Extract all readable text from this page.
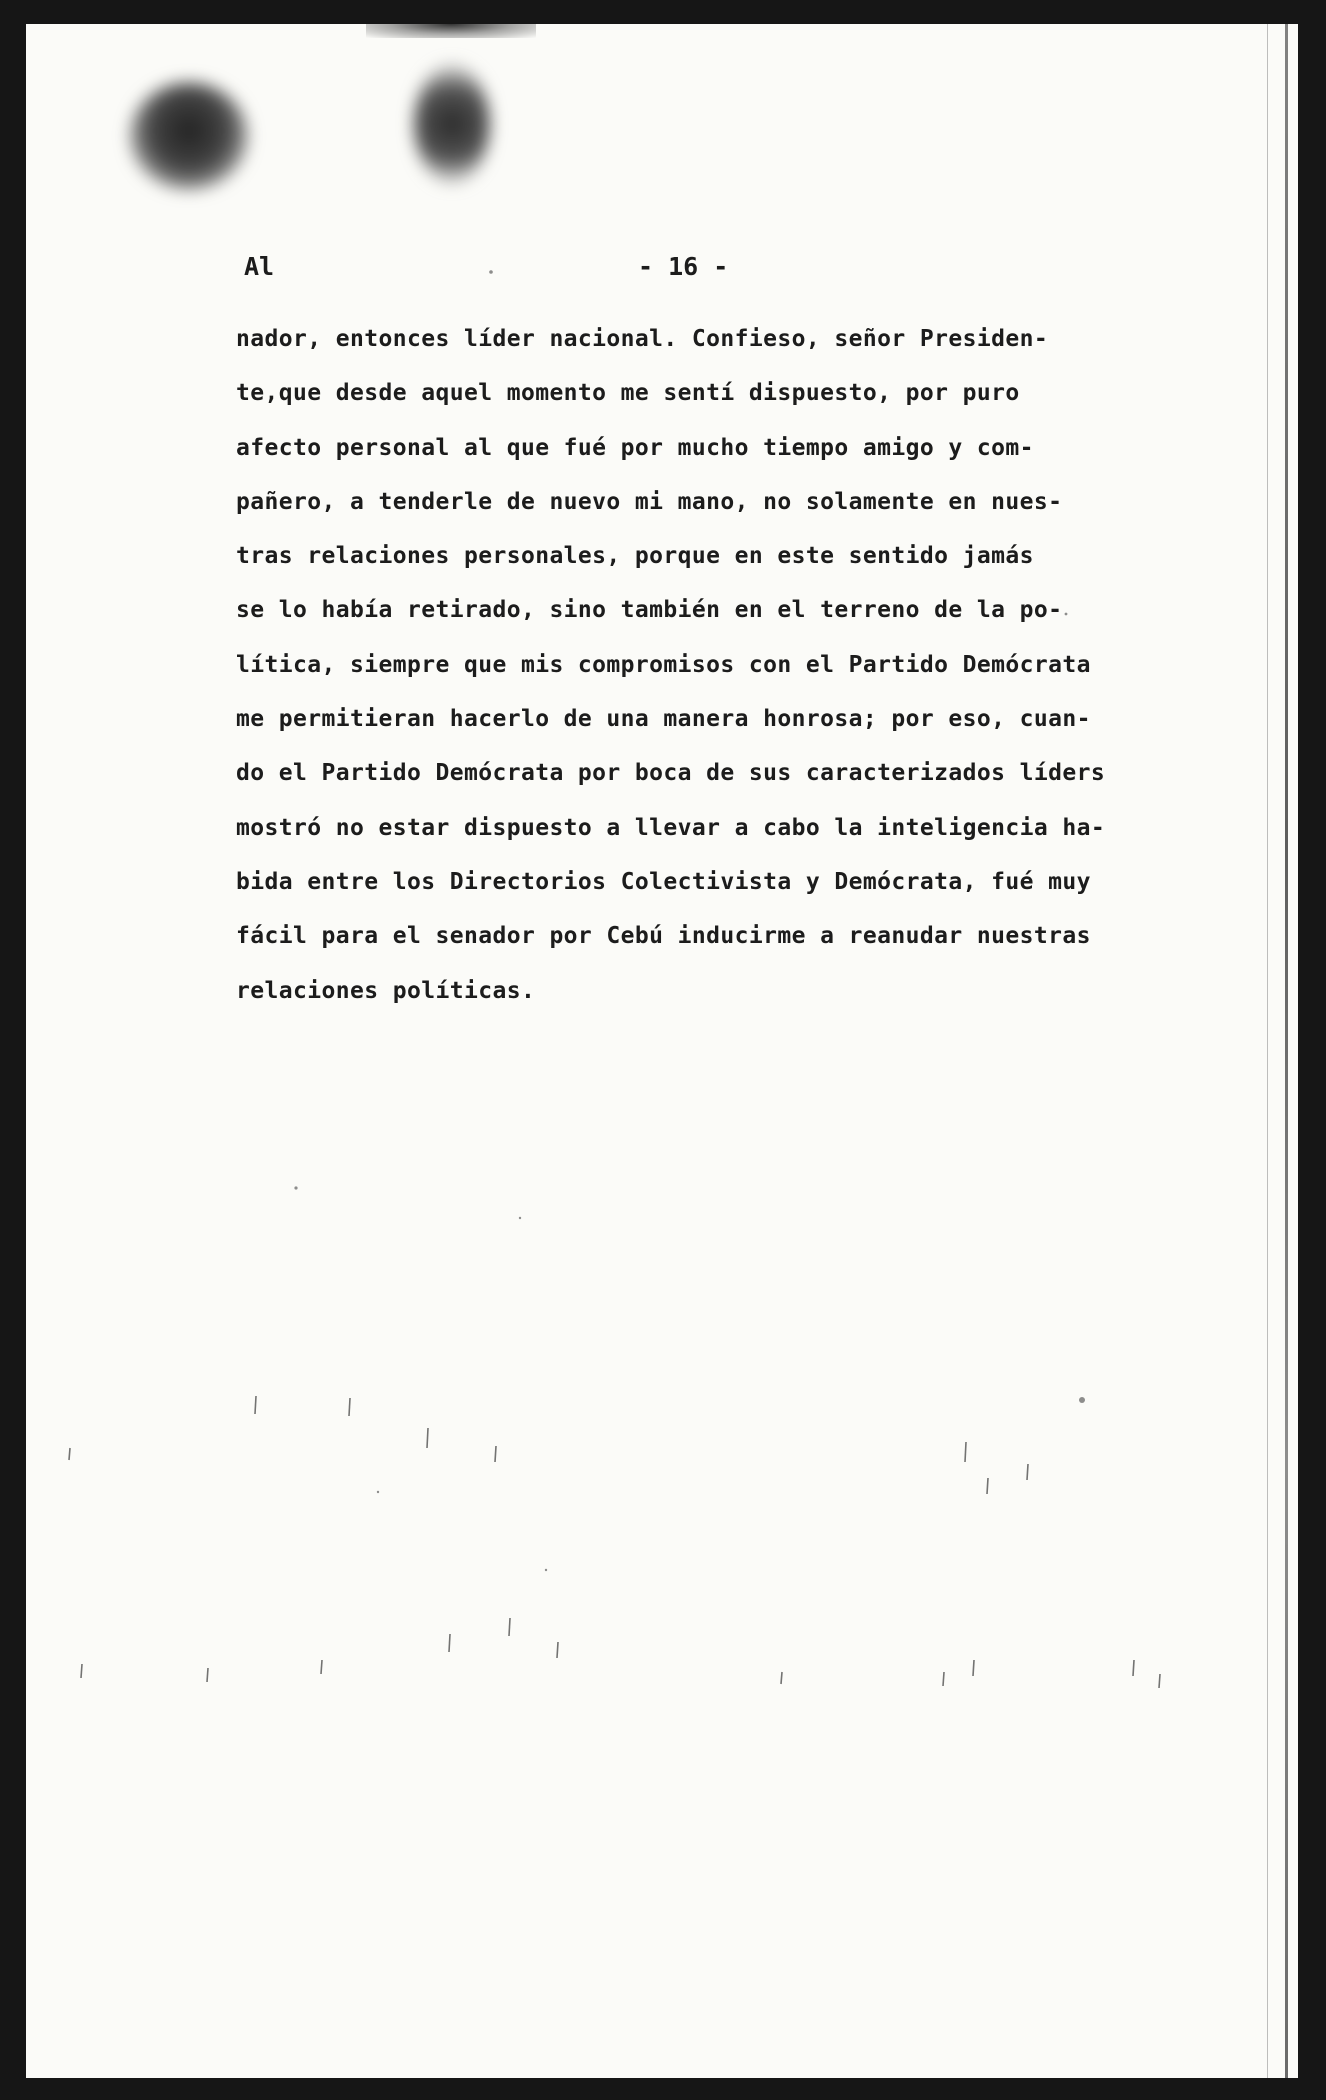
Al	- 16 -
nador, entonces líder nacional. Confieso, señor Presiden-
te,que desde aquel momento me sentí dispuesto, por puro
afecto personal al que fué por mucho tiempo amigo y com-
pañero, a tenderle de nuevo mi mano, no solamente en nues-
tras relaciones personales, porque en este sentido jamás
se lo había retirado, sino también en el terreno de la po-
lítica, siempre que mis compromisos con el Partido Demócrata
me permitieran hacerlo de una manera honrosa; por eso, cuan-
do el Partido Demócrata por boca de sus caracterizados líders
mostró no estar dispuesto a llevar a cabo la inteligencia ha-
bida entre los Directorios Colectivista y Demócrata, fué muy
fácil para el senador por Cebú inducirme a reanudar nuestras
relaciones políticas.
